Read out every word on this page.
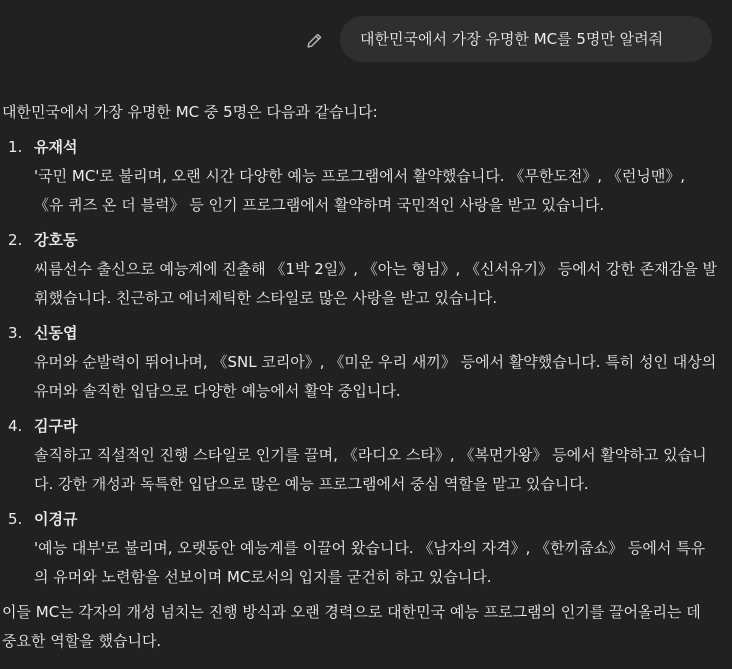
대한민국에서 가장 유명한 MC를 5명만 알려줘

대한민국에서 가장 유명한 MC 중 5명은 다음과 같습니다:

1. 유재석
'국민 MC'로 불리며, 오랜 시간 다양한 예능 프로그램에서 활약했습니다. 《무한도전》, 《런닝맨》, 《유 퀴즈 온 더 블럭》 등 인기 프로그램에서 활약하며 국민적인 사랑을 받고 있습니다.
2. 강호동
씨름선수 출신으로 예능계에 진출해 《1박 2일》, 《아는 형님》, 《신서유기》 등에서 강한 존재감을 발휘했습니다. 친근하고 에너제틱한 스타일로 많은 사랑을 받고 있습니다.
3. 신동엽
유머와 순발력이 뛰어나며, 《SNL 코리아》, 《미운 우리 새끼》 등에서 활약했습니다. 특히 성인 대상의 유머와 솔직한 입담으로 다양한 예능에서 활약 중입니다.
4. 김구라
솔직하고 직설적인 진행 스타일로 인기를 끌며, 《라디오 스타》, 《복면가왕》 등에서 활약하고 있습니다. 강한 개성과 독특한 입담으로 많은 예능 프로그램에서 중심 역할을 맡고 있습니다.
5. 이경규
'예능 대부'로 불리며, 오랫동안 예능계를 이끌어 왔습니다. 《남자의 자격》, 《한끼줍쇼》 등에서 특유의 유머와 노련함을 선보이며 MC로서의 입지를 굳건히 하고 있습니다.

이들 MC는 각자의 개성 넘치는 진행 방식과 오랜 경력으로 대한민국 예능 프로그램의 인기를 끌어올리는 데 중요한 역할을 했습니다.
